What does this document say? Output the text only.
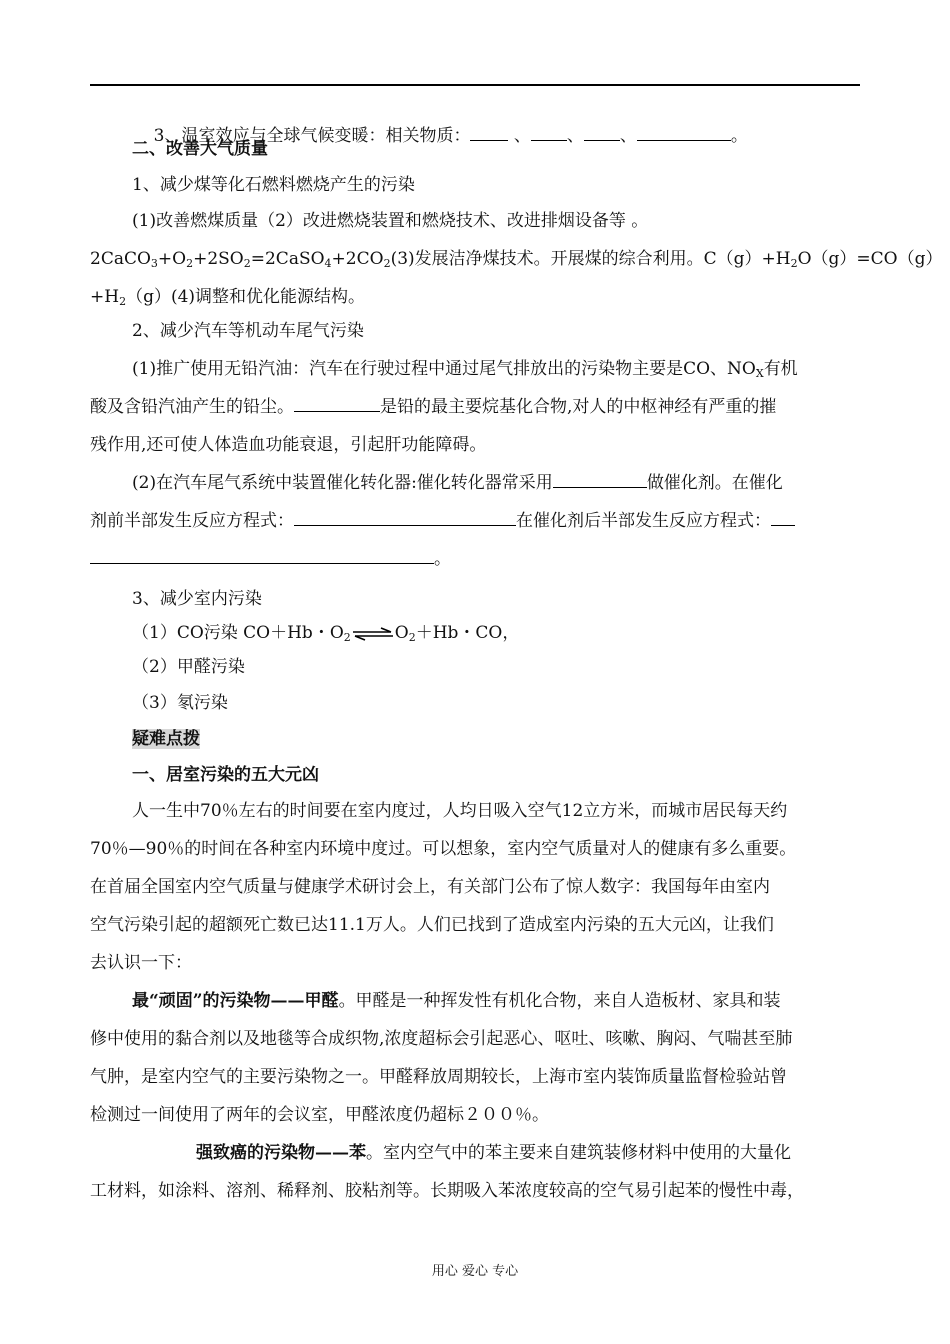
3、温室效应与全球气候变暖：相关物质：	、 、 、	。

二、改善大气质量
1、减少煤等化石燃料燃烧产生的污染
(1)改善燃煤质量（2）改进燃烧装置和燃烧技术、改进排烟设备等 。
$2CaCO_3+O_2+2SO_2=2CaSO_4+2CO_2(3)$发展洁净煤技术。开展煤的综合利用。$C(g)+H_2O(g)=CO(g)$
$+H_2(g)(4)$调整和优化能源结构。
2、减少汽车等机动车尾气污染
(1)推广使用无铅汽油：汽车在行驶过程中通过尾气排放出的污染物主要是CO、$NO_X$有机
酸及含铅汽油产生的铅尘。	是铅的最主要烷基化合物,对人的中枢神经有严重的摧
残作用,还可使人体造血功能衰退，引起肝功能障碍。
(2)在汽车尾气系统中装置催化转化器:催化转化器常采用	做催化剂。在催化
剂前半部发生反应方程式：	在催化剂后半部发生反应方程式：
。
3、减少室内污染
（1）CO污染 CO＋Hb・$O_2\rightleftharpoons O_2+Hb$・CO，
（2）甲醛污染
（3）氡污染
疑难点拨
一、居室污染的五大元凶
人一生中70％左右的时间要在室内度过，人均日吸入空气12立方米，而城市居民每天约
70％—90％的时间在各种室内环境中度过。可以想象，室内空气质量对人的健康有多么重要。
在首届全国室内空气质量与健康学术研讨会上，有关部门公布了惊人数字：我国每年由室内
空气污染引起的超额死亡数已达11.1万人。人们已找到了造成室内污染的五大元凶，让我们
去认识一下：
最“顽固”的污染物——甲醛。甲醛是一种挥发性有机化合物，来自人造板材、家具和装
修中使用的黏合剂以及地毯等合成织物,浓度超标会引起恶心、呕吐、咳嗽、胸闷、气喘甚至肺
气肿，是室内空气的主要污染物之一。甲醛释放周期较长，上海市室内装饰质量监督检验站曾
检测过一间使用了两年的会议室，甲醛浓度仍超标２００％。
强致癌的污染物——苯。室内空气中的苯主要来自建筑装修材料中使用的大量化
工材料，如涂料、溶剂、稀释剂、胶粘剂等。长期吸入苯浓度较高的空气易引起苯的慢性中毒，
用心 爱心 专心
